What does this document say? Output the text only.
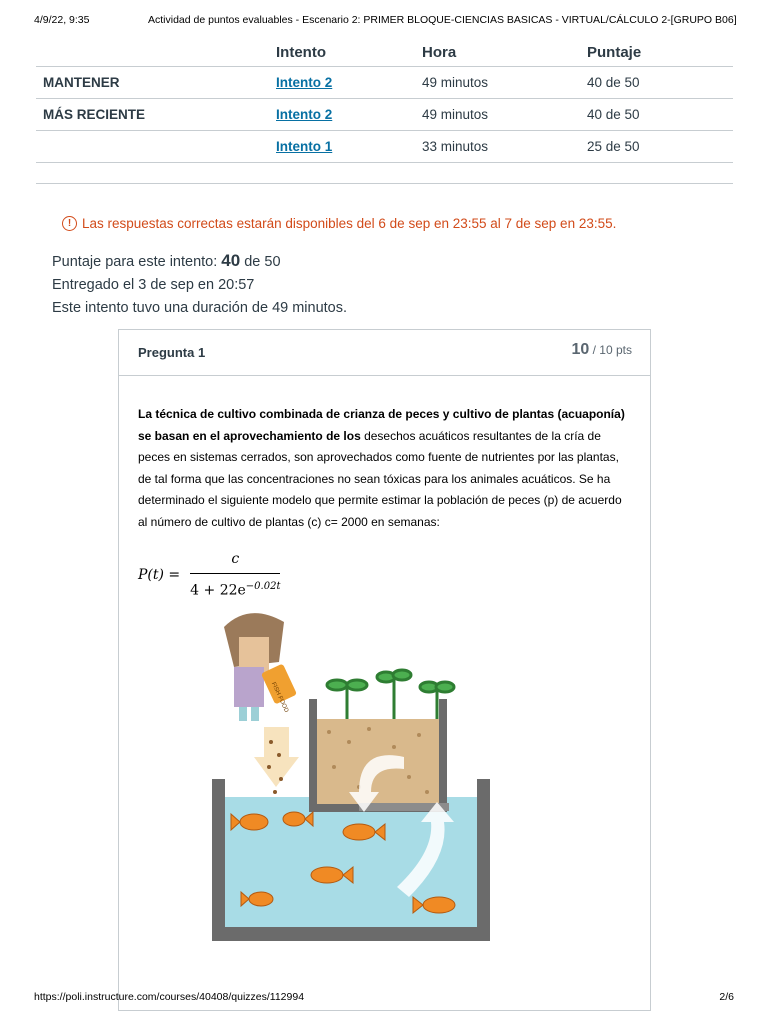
4/9/22, 9:35	Actividad de puntos evaluables - Escenario 2: PRIMER BLOQUE-CIENCIAS BASICAS - VIRTUAL/CÁLCULO 2-[GRUPO B06]
	Intento	Hora	Puntaje
MANTENER	Intento 2	49 minutos	40 de 50
MÁS RECIENTE	Intento 2	49 minutos	40 de 50
	Intento 1	33 minutos	25 de 50
! Las respuestas correctas estarán disponibles del 6 de sep en 23:55 al 7 de sep en 23:55.
Puntaje para este intento: 40 de 50
Entregado el 3 de sep en 20:57
Este intento tuvo una duración de 49 minutos.
Pregunta 1	10 / 10 pts
La técnica de cultivo combinada de crianza de peces y cultivo de plantas (acuaponía) se basan en el aprovechamiento de los desechos acuáticos resultantes de la cría de peces en sistemas cerrados, son aprovechados como fuente de nutrientes por las plantas, de tal forma que las concentraciones no sean tóxicas para los animales acuáticos. Se ha determinado el siguiente modelo que permite estimar la población de peces (p) de acuerdo al número de cultivo de plantas (c) c= 2000 en semanas:
$P(t) = \frac{c}{4 + 22e^{-0.02t}}$
FISH FOOD
https://poli.instructure.com/courses/40408/quizzes/112994	2/6
